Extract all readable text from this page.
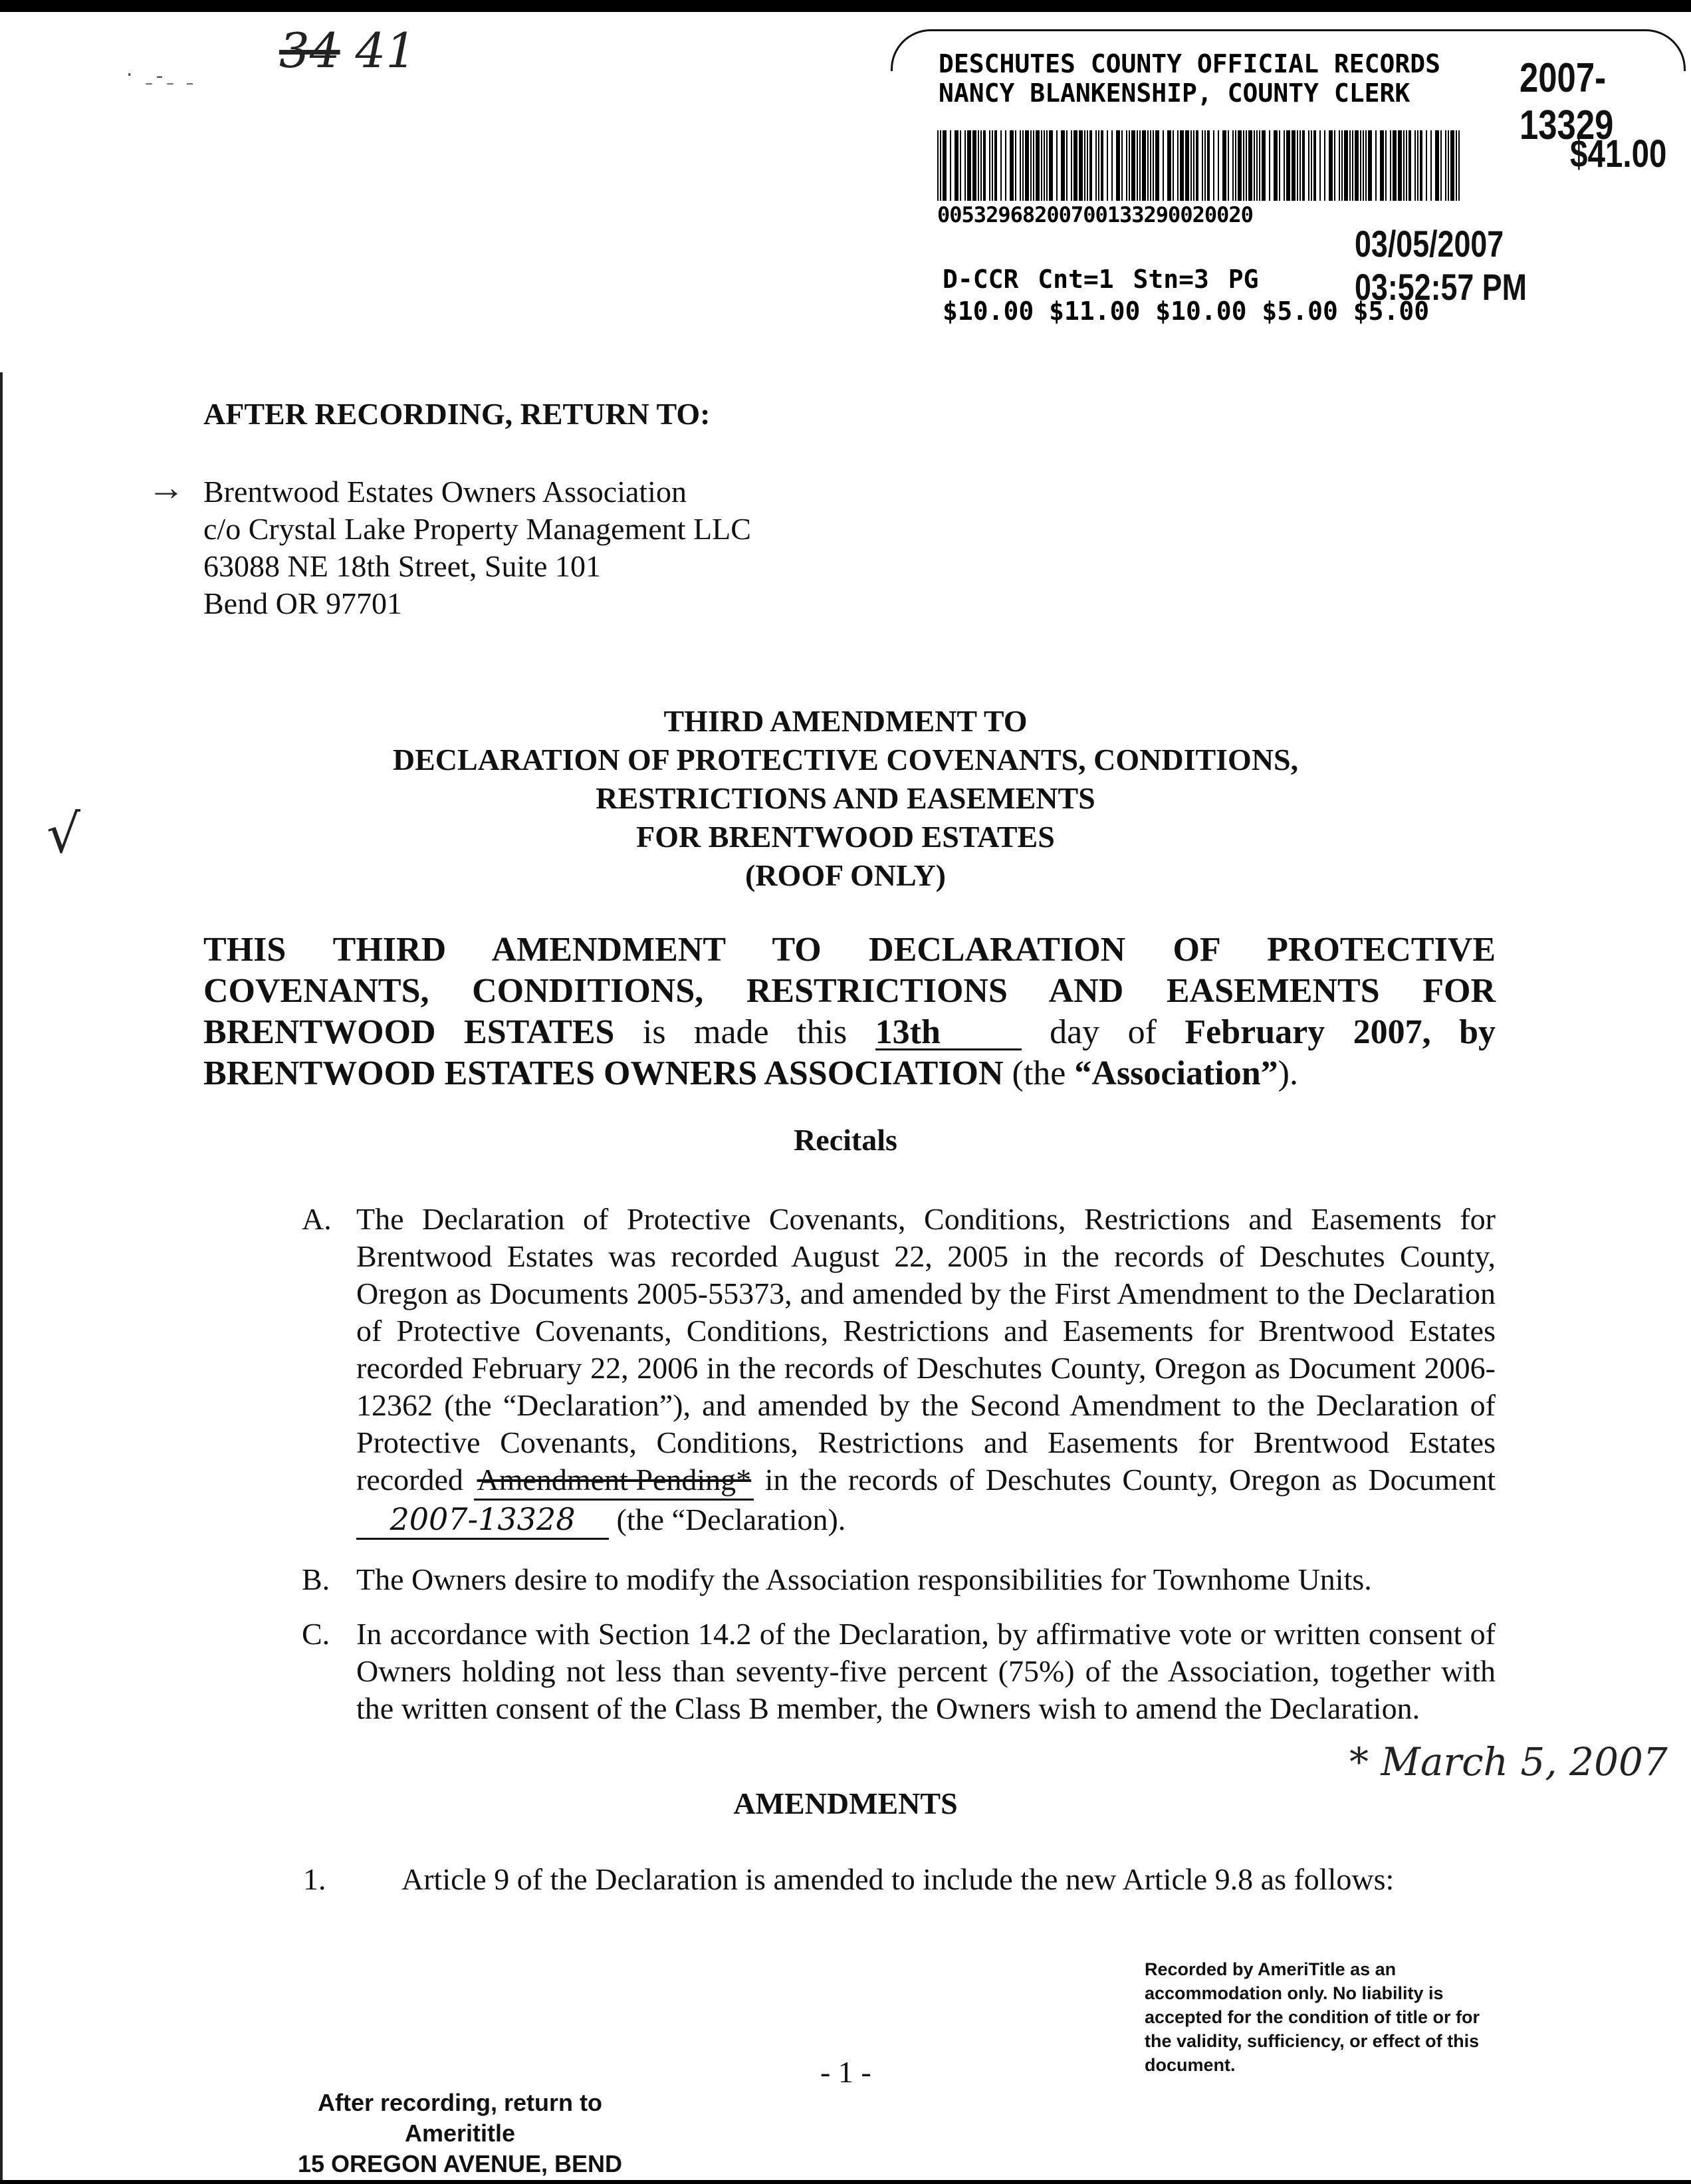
34 41
‧ ˍ-ˍ ˍ
√
DESCHUTES COUNTY OFFICIAL RECORDS
NANCY BLANKENSHIP, COUNTY CLERK	2007-13329
$41.00
00532968200700133290020020
03/05/2007 03:52:57 PM
D-CCR Cnt=1 Stn=3 PG
$10.00 $11.00 $10.00 $5.00 $5.00
AFTER RECORDING, RETURN TO:
→ Brentwood Estates Owners Association
c/o Crystal Lake Property Management LLC
63088 NE 18th Street, Suite 101
Bend OR 97701
THIRD AMENDMENT TO
DECLARATION OF PROTECTIVE COVENANTS, CONDITIONS,
RESTRICTIONS AND EASEMENTS
FOR BRENTWOOD ESTATES
(ROOF ONLY)
THIS THIRD AMENDMENT TO DECLARATION OF PROTECTIVE COVENANTS, CONDITIONS, RESTRICTIONS AND EASEMENTS FOR BRENTWOOD ESTATES is made this 13th day of February 2007, by BRENTWOOD ESTATES OWNERS ASSOCIATION (the “Association”).
Recitals
A. The Declaration of Protective Covenants, Conditions, Restrictions and Easements for Brentwood Estates was recorded August 22, 2005 in the records of Deschutes County, Oregon as Documents 2005-55373, and amended by the First Amendment to the Declaration of Protective Covenants, Conditions, Restrictions and Easements for Brentwood Estates recorded February 22, 2006 in the records of Deschutes County, Oregon as Document 2006-12362 (the “Declaration”), and amended by the Second Amendment to the Declaration of Protective Covenants, Conditions, Restrictions and Easements for Brentwood Estates recorded Amendment Pending* in the records of Deschutes County, Oregon as Document 2007-13328 (the “Declaration).
B. The Owners desire to modify the Association responsibilities for Townhome Units.
C. In accordance with Section 14.2 of the Declaration, by affirmative vote or written consent of Owners holding not less than seventy-five percent (75%) of the Association, together with the written consent of the Class B member, the Owners wish to amend the Declaration.
* March 5, 2007
AMENDMENTS
1. Article 9 of the Declaration is amended to include the new Article 9.8 as follows:
Recorded by AmeriTitle as an accommodation only. No liability is accepted for the condition of title or for the validity, sufficiency, or effect of this document.
- 1 -
After recording, return to
Amerititle
15 OREGON AVENUE, BEND
